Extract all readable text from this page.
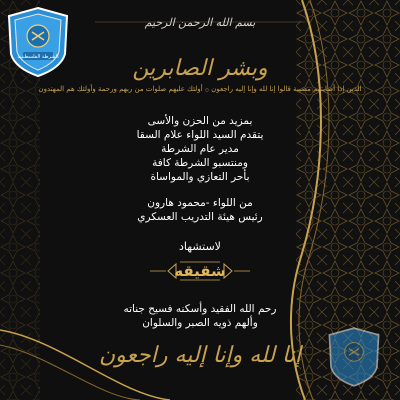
الشرطة الفلسطينية
بسم الله الرحمن الرحيم
وبشر الصابرين
الذين إذا أصابتهم مصيبة قالوا إنا لله وإنا إليه راجعون ۞ أولئك عليهم صلوات من ربهم ورحمة وأولئك هم المهتدون
بمزيد من الحزن والأسى
يتقدم السيد اللواء علام السقا
مدير عام الشرطة
ومنتسبو الشرطة كافة
بأحر التعازي والمواساة
من اللواء -محمود هارون
رئيس هيئة التدريب العسكري
لاستشهاد
شقيقه
رحم الله الفقيد وأسكنه فسيح جناته
وألهم ذويه الصبر والسلوان
إنا لله وإنا إليه راجعون
